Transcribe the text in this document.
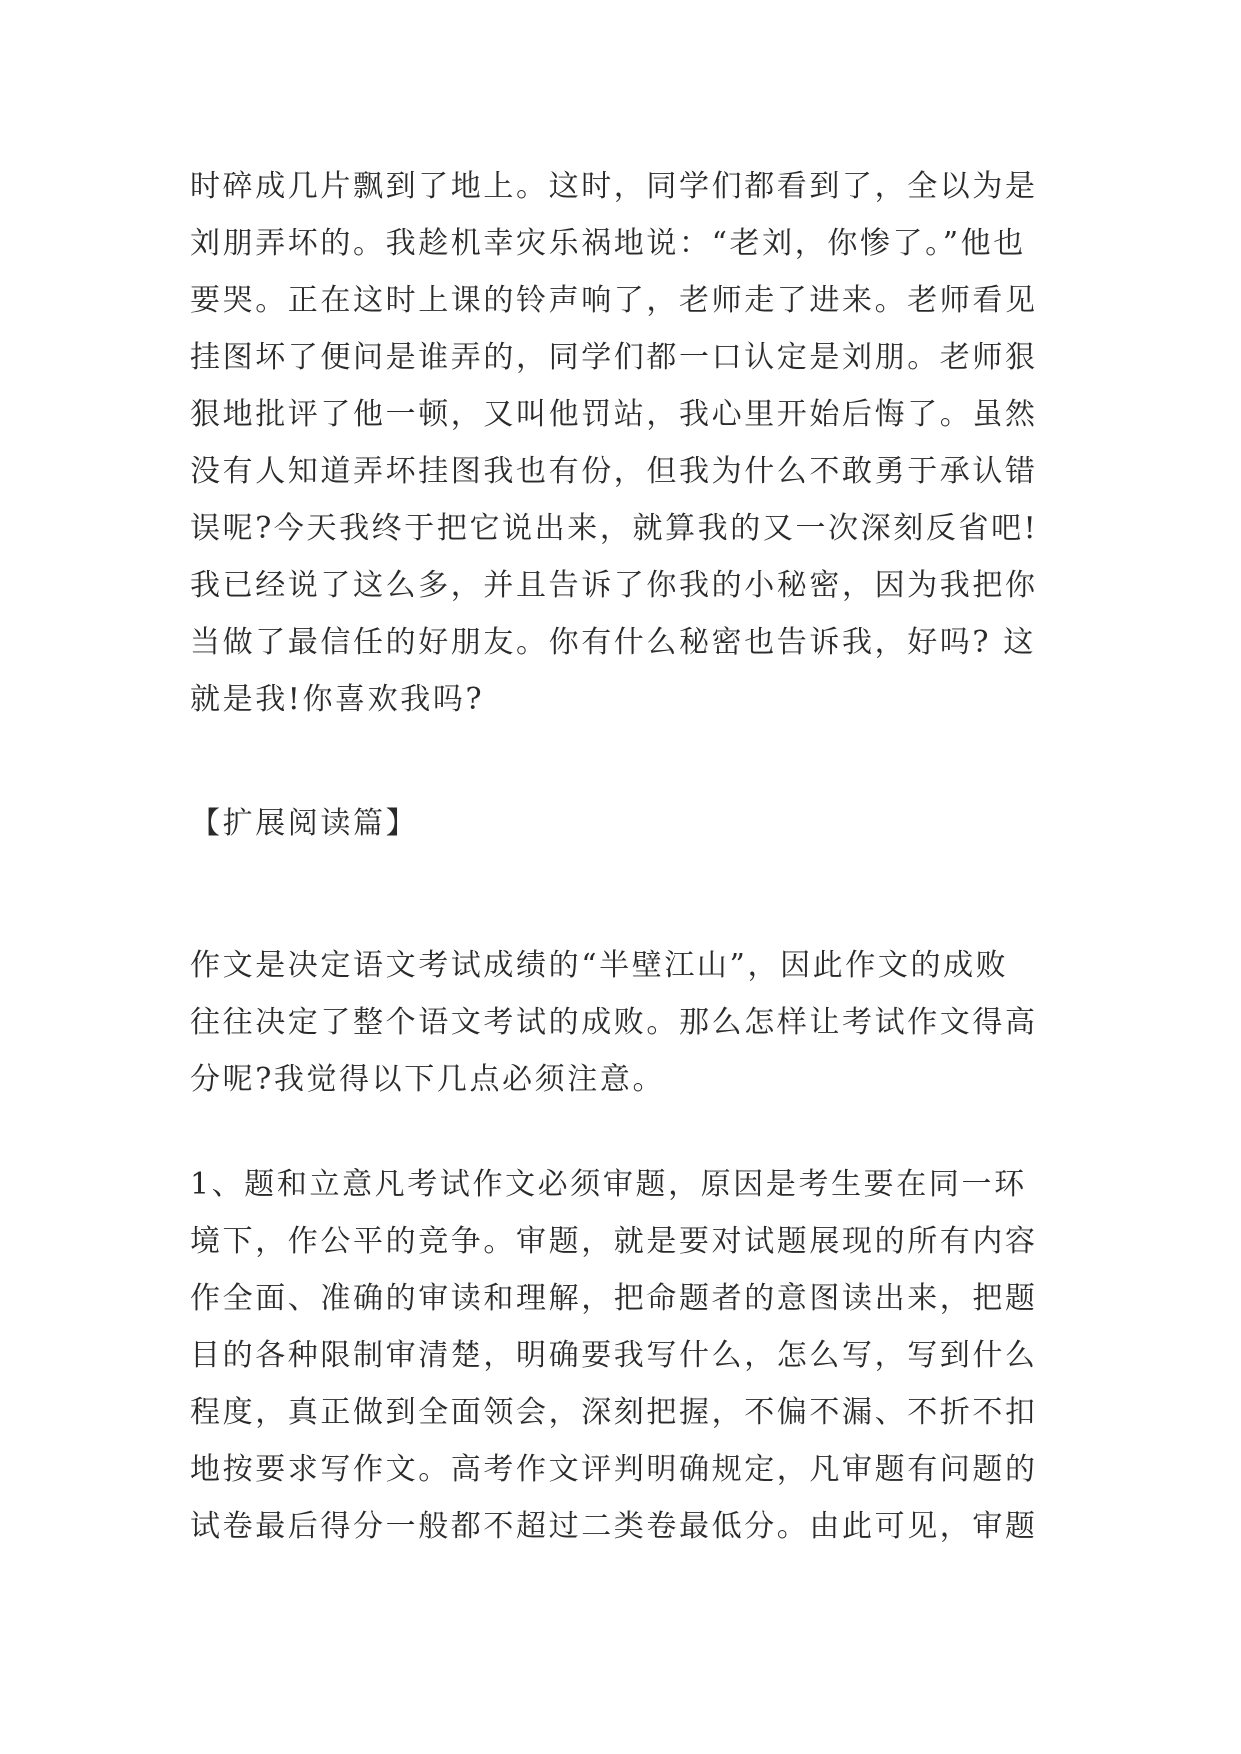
时碎成几片飘到了地上。这时，同学们都看到了，全以为是
刘朋弄坏的。我趁机幸灾乐祸地说：“老刘，你惨了。”他也
要哭。正在这时上课的铃声响了，老师走了进来。老师看见
挂图坏了便问是谁弄的，同学们都一口认定是刘朋。老师狠
狠地批评了他一顿，又叫他罚站，我心里开始后悔了。虽然
没有人知道弄坏挂图我也有份，但我为什么不敢勇于承认错
误呢?今天我终于把它说出来，就算我的又一次深刻反省吧!
我已经说了这么多，并且告诉了你我的小秘密，因为我把你
当做了最信任的好朋友。你有什么秘密也告诉我，好吗? 这
就是我!你喜欢我吗?
【扩展阅读篇】
作文是决定语文考试成绩的“半壁江山”，因此作文的成败
往往决定了整个语文考试的成败。那么怎样让考试作文得高
分呢?我觉得以下几点必须注意。
1、题和立意凡考试作文必须审题，原因是考生要在同一环
境下，作公平的竞争。审题，就是要对试题展现的所有内容
作全面、准确的审读和理解，把命题者的意图读出来，把题
目的各种限制审清楚，明确要我写什么，怎么写，写到什么
程度，真正做到全面领会，深刻把握，不偏不漏、不折不扣
地按要求写作文。高考作文评判明确规定，凡审题有问题的
试卷最后得分一般都不超过二类卷最低分。由此可见，审题
